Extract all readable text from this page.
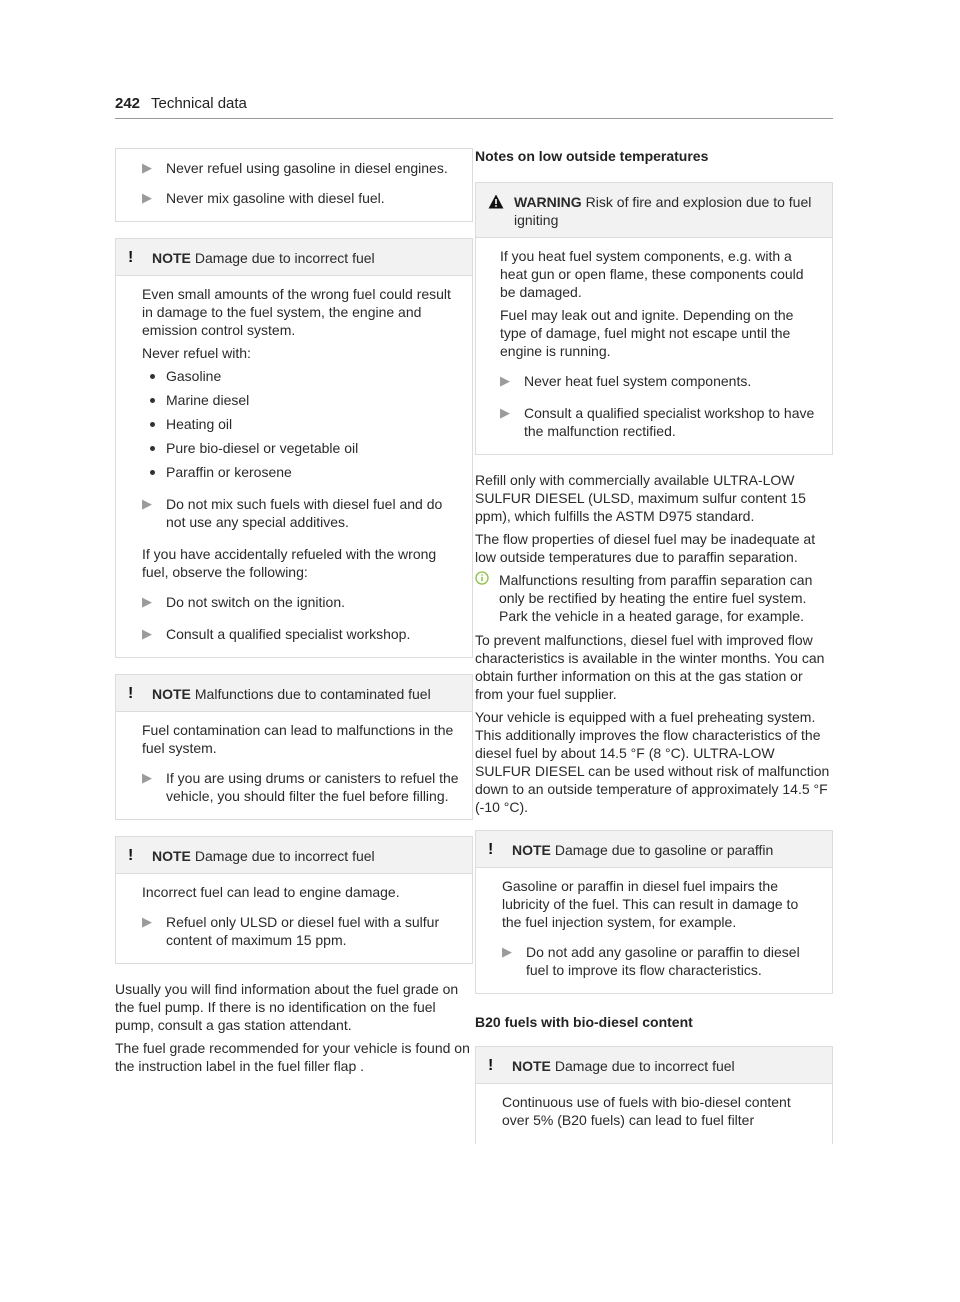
242 Technical data
▶
Never refuel using gasoline in diesel engines.
▶
Never mix gasoline with diesel fuel.
!	NOTE Damage due to incorrect fuel

Even small amounts of the wrong fuel could result in damage to the fuel system, the engine and emission control system.

Never refuel with:

Gasoline
Marine diesel
Heating oil
Pure bio-diesel or vegetable oil
Paraffin or kerosene
▶
Do not mix such fuels with diesel fuel and do not use any special additives.

If you have accidentally refueled with the wrong fuel, observe the following:

▶
Do not switch on the ignition.
▶
Consult a qualified specialist workshop.
!	NOTE Malfunctions due to contaminated fuel

Fuel contamination can lead to malfunctions in the fuel system.

▶
If you are using drums or canisters to refuel the vehicle, you should filter the fuel before filling.
!	NOTE Damage due to incorrect fuel

Incorrect fuel can lead to engine damage.

▶
Refuel only ULSD or diesel fuel with a sulfur content of maximum 15 ppm.

Usually you will find information about the fuel grade on the fuel pump. If there is no identification on the fuel pump, consult a gas station attendant.

The fuel grade recommended for your vehicle is found on the instruction label in the fuel filler flap .

Notes on low outside temperatures
WARNING Risk of fire and explosion due to fuel igniting

If you heat fuel system components, e.g. with a heat gun or open flame, these components could be damaged.

Fuel may leak out and ignite. Depending on the type of damage, fuel might not escape until the engine is running.

▶
Never heat fuel system components.
▶
Consult a qualified specialist workshop to have the malfunction rectified.

Refill only with commercially available ULTRA-LOW SULFUR DIESEL (ULSD, maximum sulfur content 15 ppm), which fulfills the ASTM D975 standard.

The flow properties of diesel fuel may be inadequate at low outside temperatures due to paraffin separation.

Malfunctions resulting from paraffin separation can only be rectified by heating the entire fuel system. Park the vehicle in a heated garage, for example.

To prevent malfunctions, diesel fuel with improved flow characteristics is available in the winter months. You can obtain further information on this at the gas station or from your fuel supplier.

Your vehicle is equipped with a fuel preheating system. This additionally improves the flow characteristics of the diesel fuel by about 14.5 °F (8 °C). ULTRA-LOW SULFUR DIESEL can be used without risk of malfunction down to an outside temperature of approximately 14.5 °F (-10 °C).

!	NOTE Damage due to gasoline or paraffin

Gasoline or paraffin in diesel fuel impairs the lubricity of the fuel. This can result in damage to the fuel injection system, for example.

▶
Do not add any gasoline or paraffin to diesel fuel to improve its flow characteristics.
B20 fuels with bio-diesel content
!	NOTE Damage due to incorrect fuel

Continuous use of fuels with bio-diesel content over 5% (B20 fuels) can lead to fuel filter
